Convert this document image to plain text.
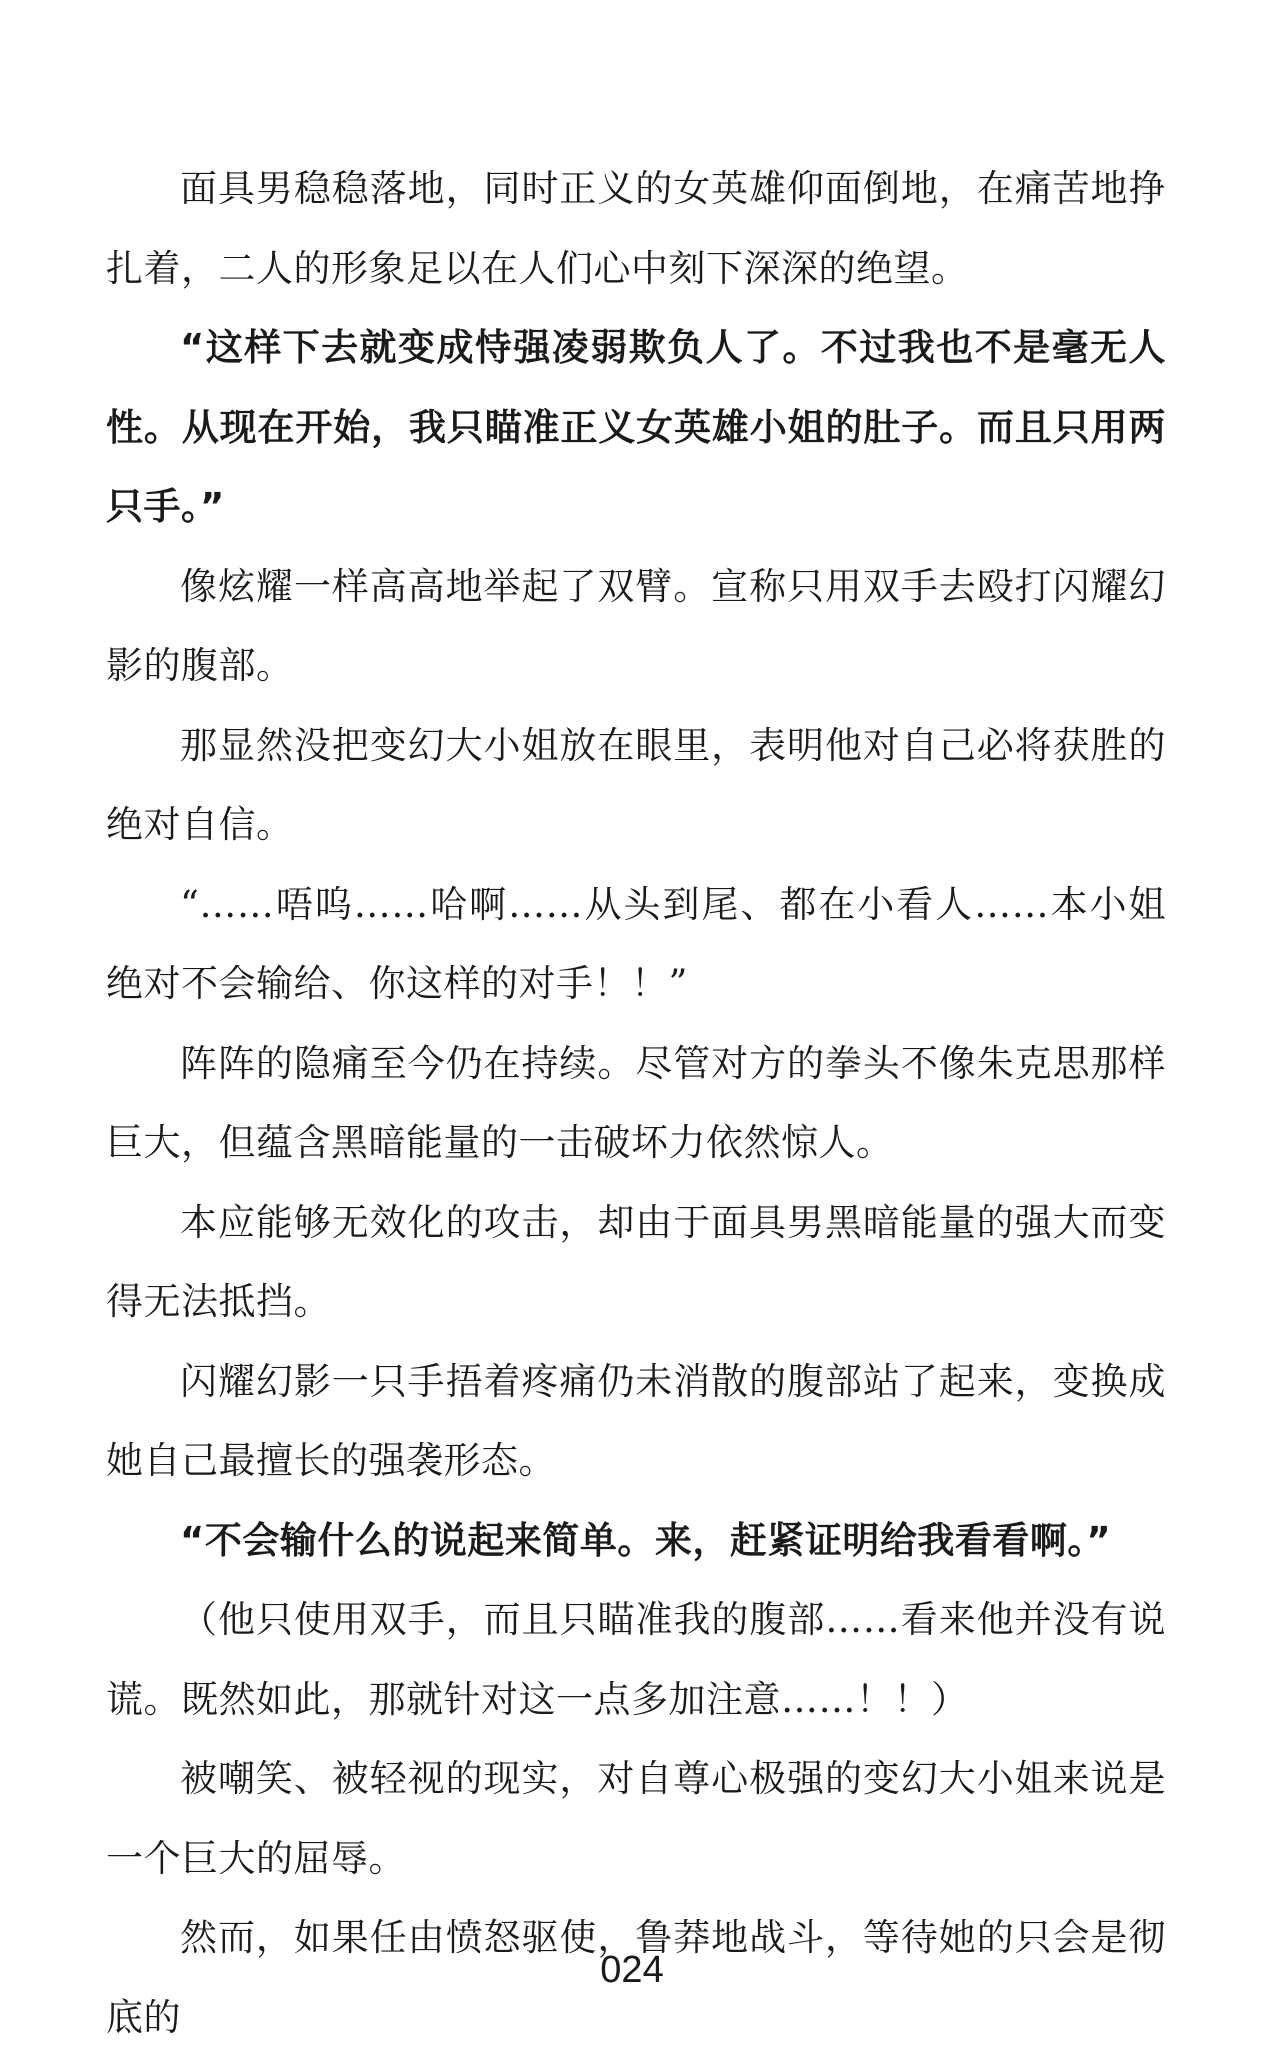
面具男稳稳落地，同时正义的女英雄仰面倒地，在痛苦地挣扎着，二人的形象足以在人们心中刻下深深的绝望。

“这样下去就变成恃强凌弱欺负人了。不过我也不是毫无人性。从现在开始，我只瞄准正义女英雄小姐的肚子。而且只用两只手。”

像炫耀一样高高地举起了双臂。宣称只用双手去殴打闪耀幻影的腹部。

那显然没把变幻大小姐放在眼里，表明他对自己必将获胜的绝对自信。

“……唔呜……哈啊……从头到尾、都在小看人……本小姐绝对不会输给、你这样的对手！！”

阵阵的隐痛至今仍在持续。尽管对方的拳头不像朱克思那样巨大，但蕴含黑暗能量的一击破坏力依然惊人。

本应能够无效化的攻击，却由于面具男黑暗能量的强大而变得无法抵挡。

闪耀幻影一只手捂着疼痛仍未消散的腹部站了起来，变换成她自己最擅长的强袭形态。

“不会输什么的说起来简单。来，赶紧证明给我看看啊。”

（他只使用双手，而且只瞄准我的腹部……看来他并没有说谎。既然如此，那就针对这一点多加注意……！！）

被嘲笑、被轻视的现实，对自尊心极强的变幻大小姐来说是一个巨大的屈辱。

然而，如果任由愤怒驱使，鲁莽地战斗，等待她的只会是彻底的

024
